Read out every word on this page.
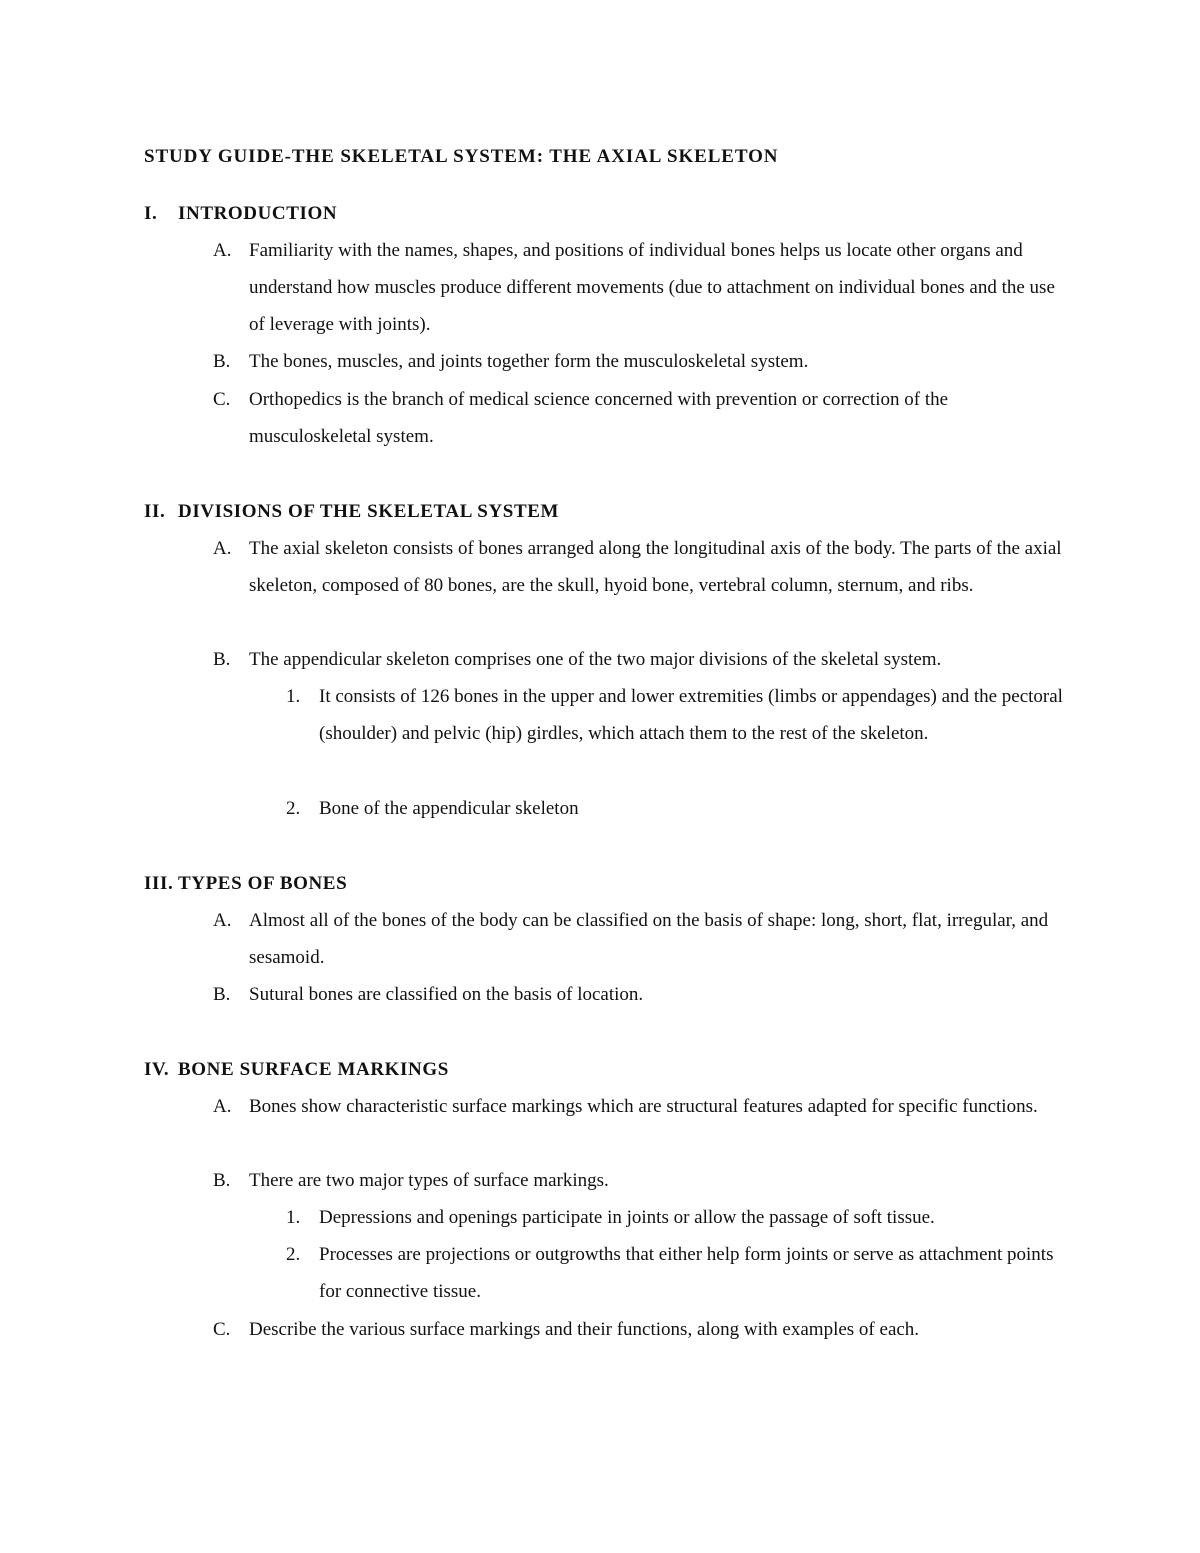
STUDY GUIDE-THE SKELETAL SYSTEM: THE AXIAL SKELETON
I. INTRODUCTION
A. Familiarity with the names, shapes, and positions of individual bones helps us locate other organs and understand how muscles produce different movements (due to attachment on individual bones and the use of leverage with joints).
B. The bones, muscles, and joints together form the musculoskeletal system.
C. Orthopedics is the branch of medical science concerned with prevention or correction of the musculoskeletal system.
II. DIVISIONS OF THE SKELETAL SYSTEM
A. The axial skeleton consists of bones arranged along the longitudinal axis of the body. The parts of the axial skeleton, composed of 80 bones, are the skull, hyoid bone, vertebral column, sternum, and ribs.
B. The appendicular skeleton comprises one of the two major divisions of the skeletal system.
1. It consists of 126 bones in the upper and lower extremities (limbs or appendages) and the pectoral (shoulder) and pelvic (hip) girdles, which attach them to the rest of the skeleton.
2. Bone of the appendicular skeleton
III. TYPES OF BONES
A. Almost all of the bones of the body can be classified on the basis of shape: long, short, flat, irregular, and sesamoid.
B. Sutural bones are classified on the basis of location.
IV. BONE SURFACE MARKINGS
A. Bones show characteristic surface markings which are structural features adapted for specific functions.
B. There are two major types of surface markings.
1. Depressions and openings participate in joints or allow the passage of soft tissue.
2. Processes are projections or outgrowths that either help form joints or serve as attachment points for connective tissue.
C. Describe the various surface markings and their functions, along with examples of each.
